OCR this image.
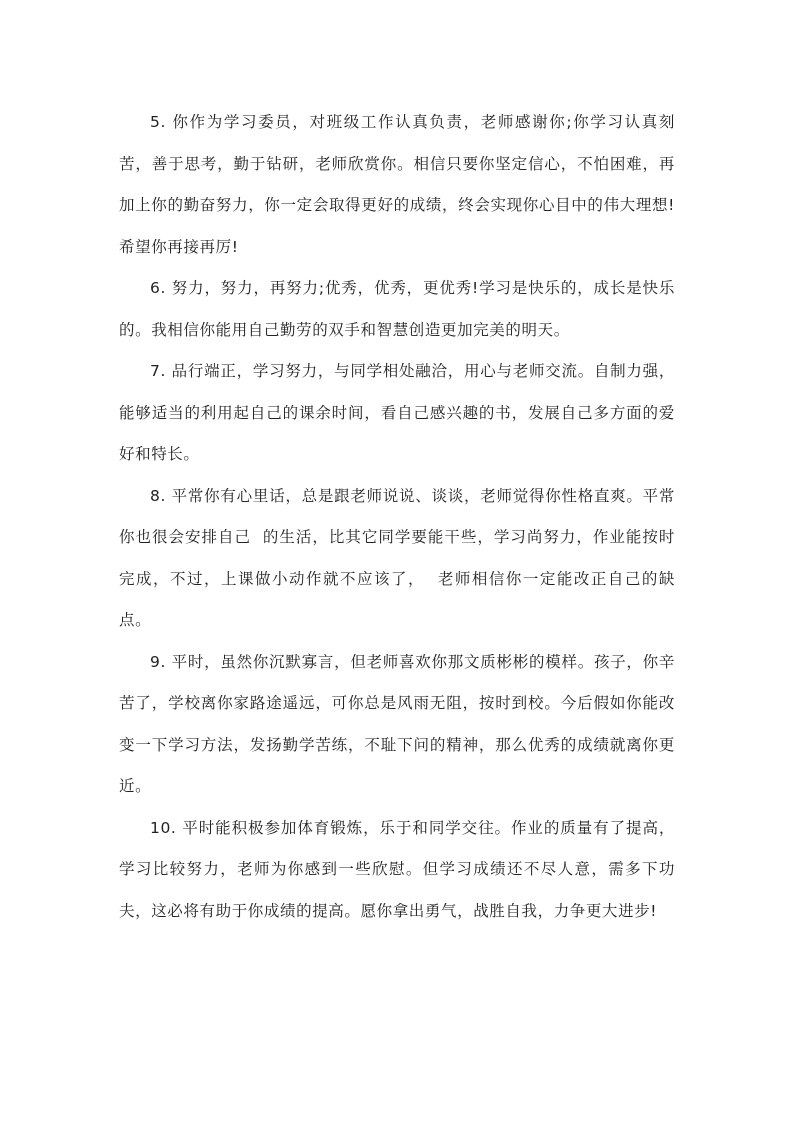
5. 你作为学习委员，对班级工作认真负责，老师感谢你;你学习认真刻苦，善于思考，勤于钻研，老师欣赏你。相信只要你坚定信心，不怕困难，再加上你的勤奋努力，你一定会取得更好的成绩，终会实现你心目中的伟大理想!希望你再接再厉!

6. 努力，努力，再努力;优秀，优秀，更优秀!学习是快乐的，成长是快乐的。我相信你能用自己勤劳的双手和智慧创造更加完美的明天。

7. 品行端正，学习努力，与同学相处融洽，用心与老师交流。自制力强，能够适当的利用起自己的课余时间，看自己感兴趣的书，发展自己多方面的爱好和特长。

8. 平常你有心里话，总是跟老师说说、谈谈，老师觉得你性格直爽。平常你也很会安排自己  的生活，比其它同学要能干些，学习尚努力，作业能按时完成，不过，上课做小动作就不应该了，  老师相信你一定能改正自己的缺点。

9. 平时，虽然你沉默寡言，但老师喜欢你那文质彬彬的模样。孩子，你辛苦了，学校离你家路途遥远，可你总是风雨无阻，按时到校。今后假如你能改变一下学习方法，发扬勤学苦练，不耻下问的精神，那么优秀的成绩就离你更近。

10. 平时能积极参加体育锻炼，乐于和同学交往。作业的质量有了提高，学习比较努力，老师为你感到一些欣慰。但学习成绩还不尽人意，需多下功夫，这必将有助于你成绩的提高。愿你拿出勇气，战胜自我，力争更大进步!
